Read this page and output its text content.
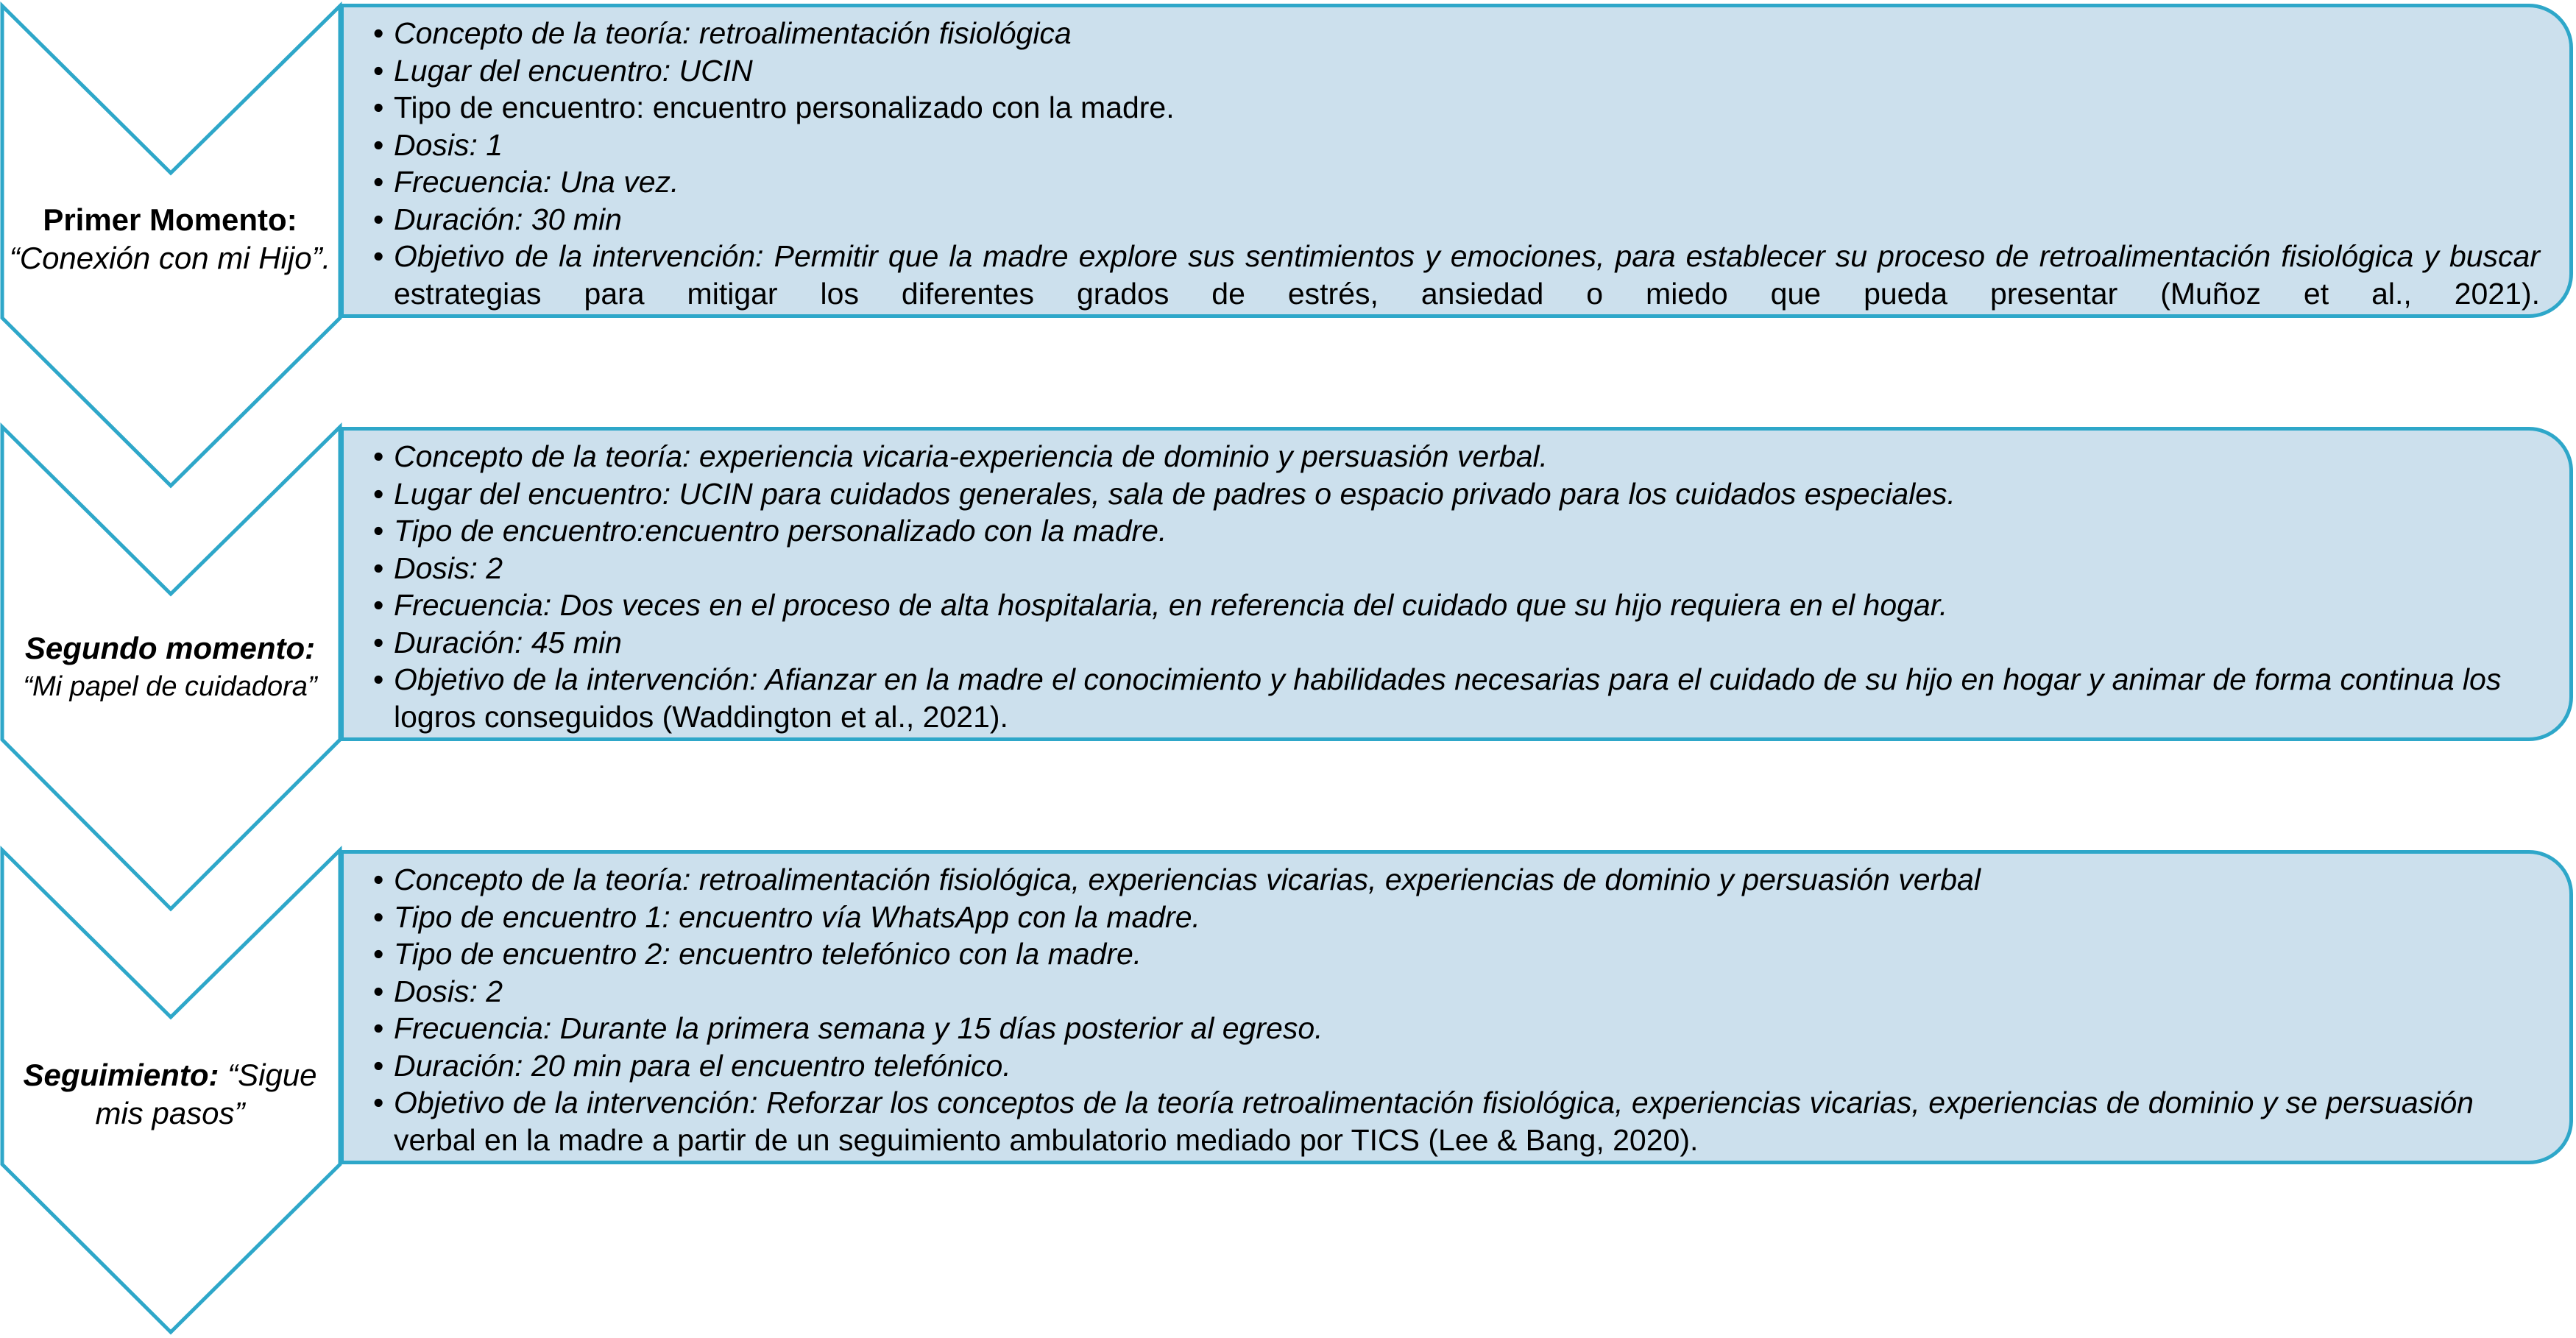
Primer Momento:
“Conexión con mi Hijo”.
• Concepto de la teoría: retroalimentación fisiológica
• Lugar del encuentro: UCIN
• Tipo de encuentro: encuentro personalizado con la madre.
• Dosis: 1
• Frecuencia: Una vez.
• Duración: 30 min
• Objetivo de la intervención: Permitir que la madre explore sus sentimientos y emociones, para establecer su proceso de retroalimentación fisiológica y buscar estrategias para mitigar los diferentes grados de estrés, ansiedad o miedo que pueda presentar (Muñoz et al., 2021).
Segundo momento:
“Mi papel de cuidadora”
• Concepto de la teoría: experiencia vicaria-experiencia de dominio y persuasión verbal.
• Lugar del encuentro: UCIN para cuidados generales, sala de padres o espacio privado para los cuidados especiales.
• Tipo de encuentro:encuentro personalizado con la madre.
• Dosis: 2
• Frecuencia: Dos veces en el proceso de alta hospitalaria, en referencia del cuidado que su hijo requiera en el hogar.
• Duración: 45 min
• Objetivo de la intervención: Afianzar en la madre el conocimiento y habilidades necesarias para el cuidado de su hijo en hogar y animar de forma continua los logros conseguidos (Waddington et al., 2021).
Seguimiento: “Sigue mis pasos”
• Concepto de la teoría: retroalimentación fisiológica, experiencias vicarias, experiencias de dominio y persuasión verbal
• Tipo de encuentro 1: encuentro vía WhatsApp con la madre.
• Tipo de encuentro 2: encuentro telefónico con la madre.
• Dosis: 2
• Frecuencia: Durante la primera semana y 15 días posterior al egreso.
• Duración: 20 min para el encuentro telefónico.
• Objetivo de la intervención: Reforzar los conceptos de la teoría retroalimentación fisiológica, experiencias vicarias, experiencias de dominio y se persuasión verbal en la madre a partir de un seguimiento ambulatorio mediado por TICS (Lee & Bang, 2020).
